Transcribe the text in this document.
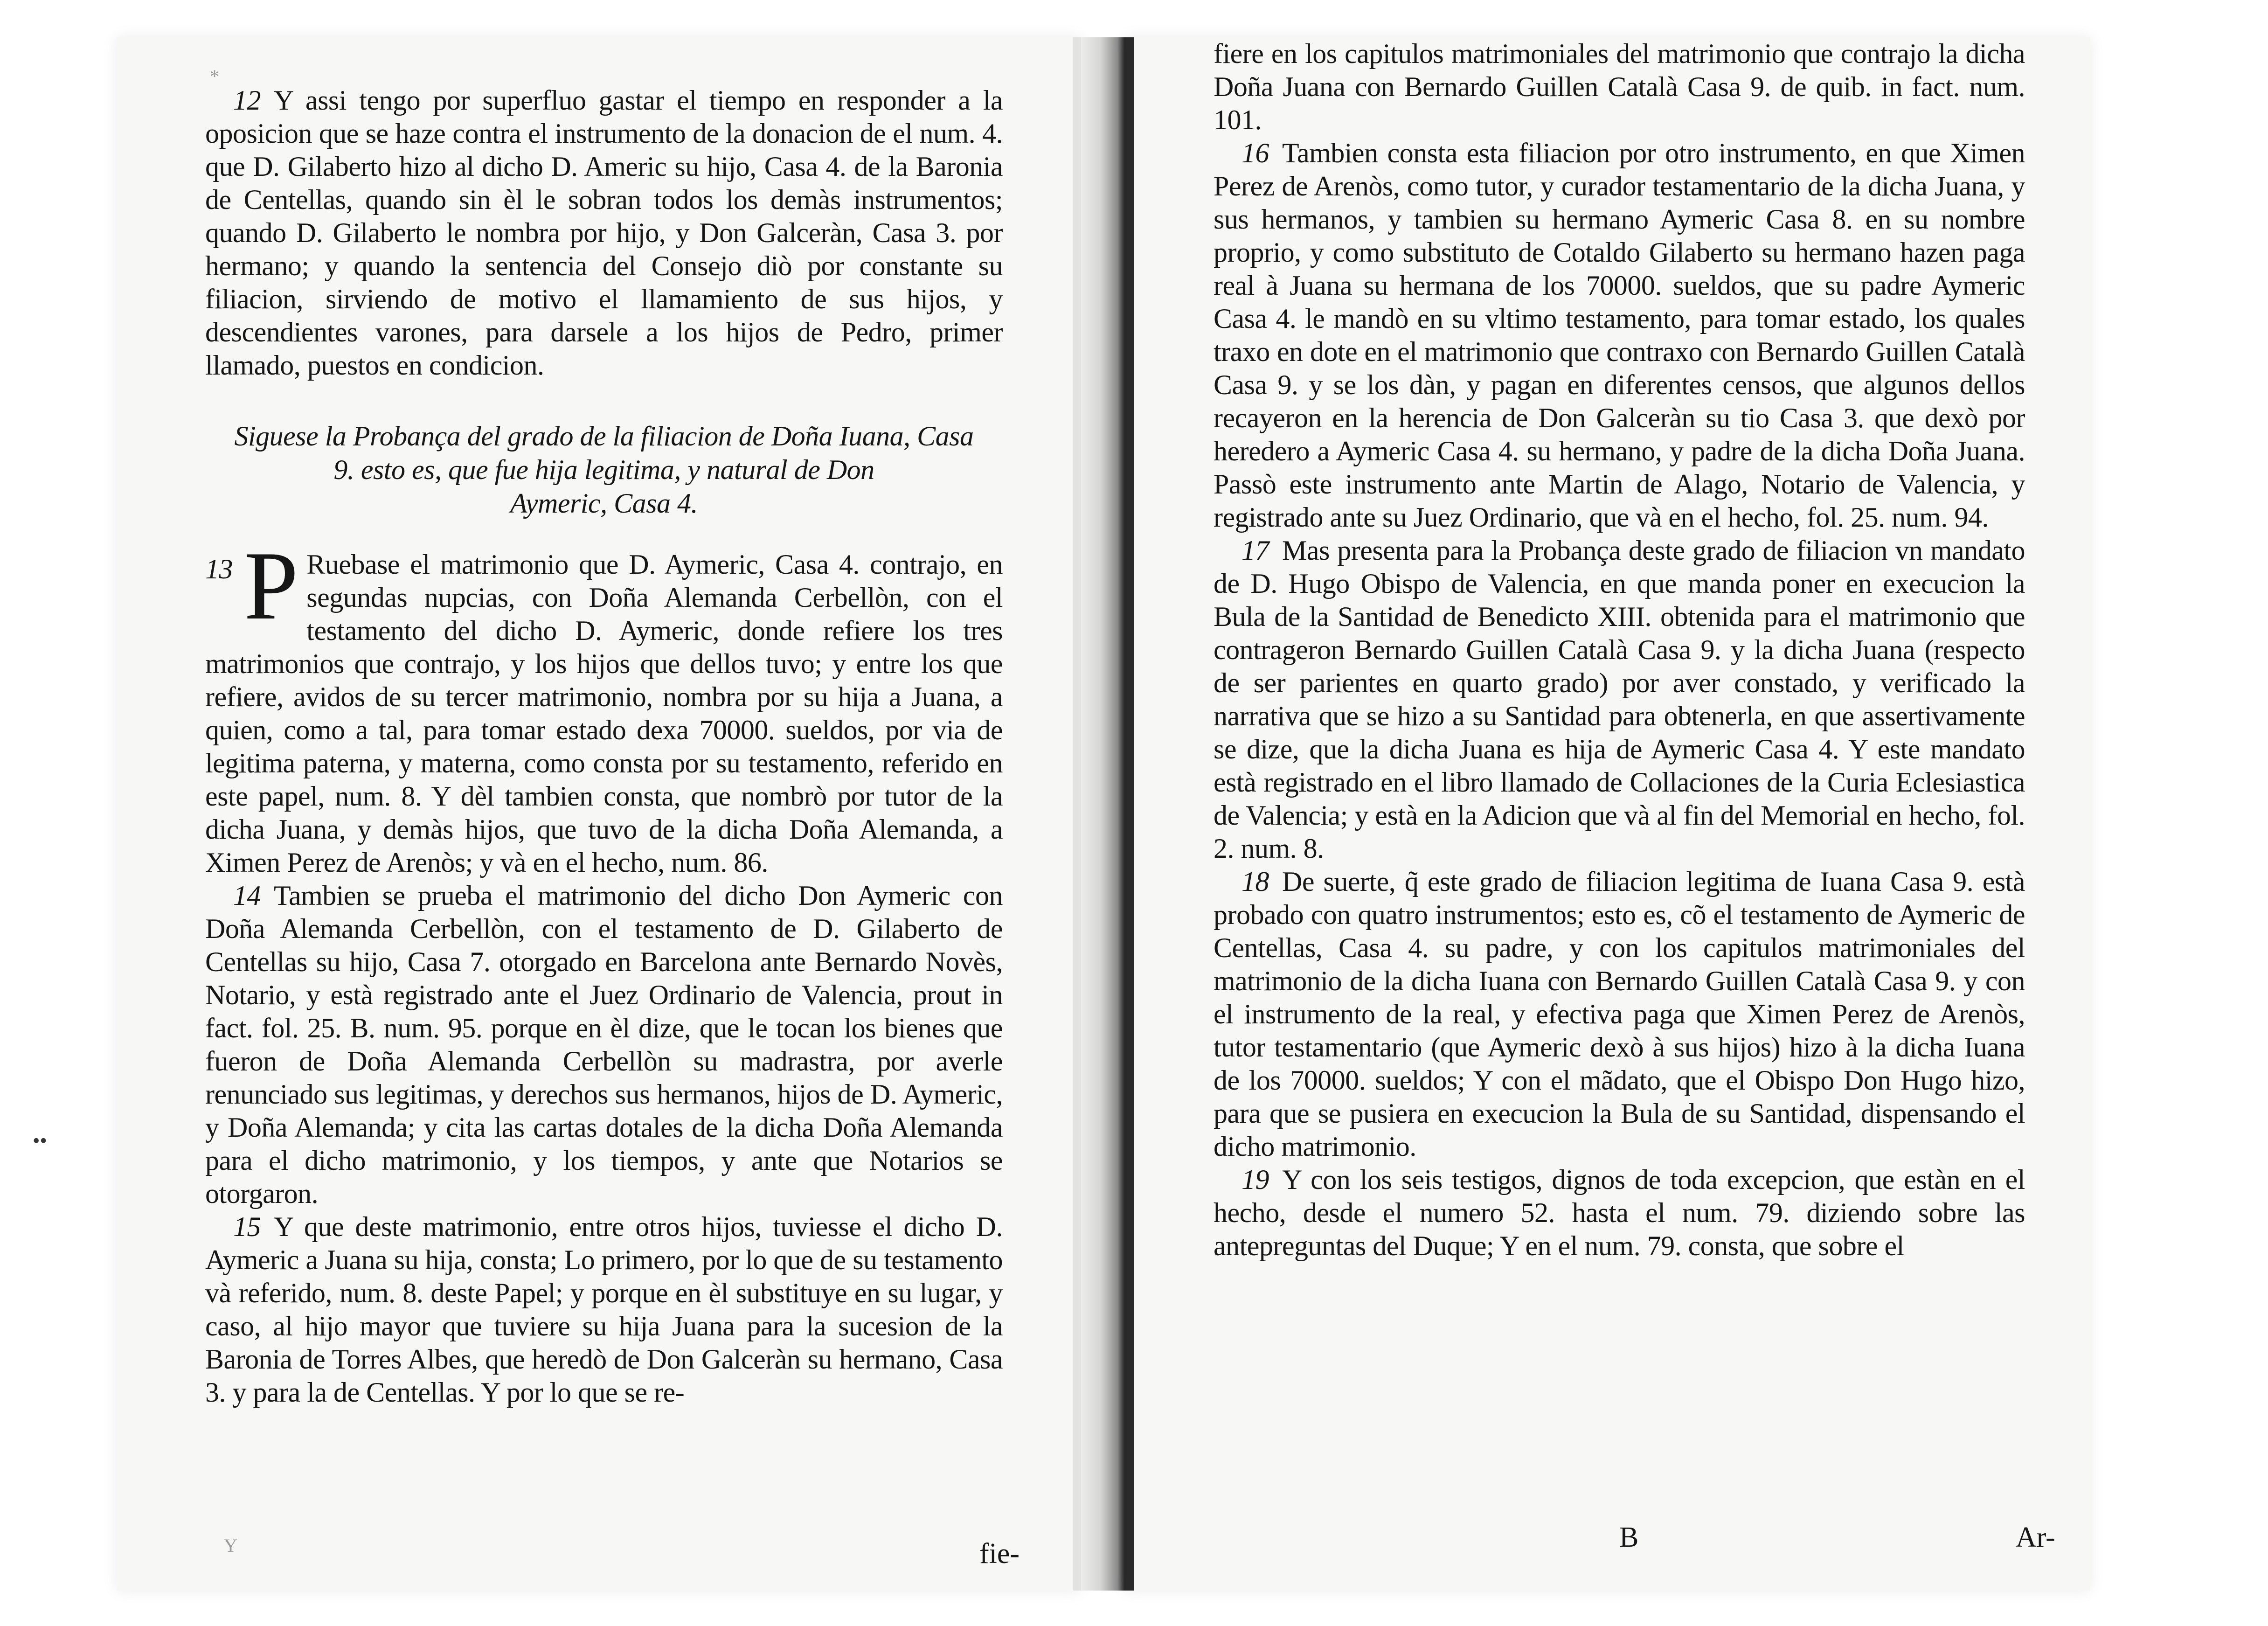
*

12 Y assi tengo por superfluo gastar el tiempo en responder a la oposicion que se haze contra el instrumento de la donacion de el num. 4. que D. Gilaberto hizo al dicho D. Americ su hijo, Casa 4. de la Baronia de Centellas, quando sin èl le sobran todos los demàs instrumentos; quando D. Gilaberto le nombra por hijo, y Don Galceràn, Casa 3. por hermano; y quando la sentencia del Consejo diò por constante su filiacion, sirviendo de motivo el llamamiento de sus hijos, y descendientes varones, para darsele a los hijos de Pedro, primer llamado, puestos en condicion.

Siguese la Probança del grado de la filiacion de Doña Iuana, Casa
9. esto es, que fue hija legitima, y natural de Don
Aymeric, Casa 4.

13 P Ruebase el matrimonio que D. Aymeric, Casa 4. contrajo, en segundas nupcias, con Doña Alemanda Cerbellòn, con el testamento del dicho D. Aymeric, donde refiere los tres matrimonios que contrajo, y los hijos que dellos tuvo; y entre los que refiere, avidos de su tercer matrimonio, nombra por su hija a Juana, a quien, como a tal, para tomar estado dexa 70000. sueldos, por via de legitima paterna, y materna, como consta por su testamento, referido en este papel, num. 8. Y dèl tambien consta, que nombrò por tutor de la dicha Juana, y demàs hijos, que tuvo de la dicha Doña Alemanda, a Ximen Perez de Arenòs; y và en el hecho, num. 86.

14 Tambien se prueba el matrimonio del dicho Don Aymeric con Doña Alemanda Cerbellòn, con el testamento de D. Gilaberto de Centellas su hijo, Casa 7. otorgado en Barcelona ante Bernardo Novès, Notario, y està registrado ante el Juez Ordinario de Valencia, prout in fact. fol. 25. B. num. 95. porque en èl dize, que le tocan los bienes que fueron de Doña Alemanda Cerbellòn su madrastra, por averle renunciado sus legitimas, y derechos sus hermanos, hijos de D. Aymeric, y Doña Alemanda; y cita las cartas dotales de la dicha Doña Alemanda para el dicho matrimonio, y los tiempos, y ante que Notarios se otorgaron.

15 Y que deste matrimonio, entre otros hijos, tuviesse el dicho D. Aymeric a Juana su hija, consta; Lo primero, por lo que de su testamento và referido, num. 8. deste Papel; y porque en èl substituye en su lugar, y caso, al hijo mayor que tuviere su hija Juana para la sucesion de la Baronia de Torres Albes, que heredò de Don Galceràn su hermano, Casa 3. y para la de Centellas. Y por lo que se re-

fie-
Y
••

fiere en los capitulos matrimoniales del matrimonio que contrajo la dicha Doña Juana con Bernardo Guillen Català Casa 9. de quib. in fact. num. 101.

16 Tambien consta esta filiacion por otro instrumento, en que Ximen Perez de Arenòs, como tutor, y curador testamentario de la dicha Juana, y sus hermanos, y tambien su hermano Aymeric Casa 8. en su nombre proprio, y como substituto de Cotaldo Gilaberto su hermano hazen paga real à Juana su hermana de los 70000. sueldos, que su padre Aymeric Casa 4. le mandò en su vltimo testamento, para tomar estado, los quales traxo en dote en el matrimonio que contraxo con Bernardo Guillen Català Casa 9. y se los dàn, y pagan en diferentes censos, que algunos dellos recayeron en la herencia de Don Galceràn su tio Casa 3. que dexò por heredero a Aymeric Casa 4. su hermano, y padre de la dicha Doña Juana. Passò este instrumento ante Martin de Alago, Notario de Valencia, y registrado ante su Juez Ordinario, que và en el hecho, fol. 25. num. 94.

17 Mas presenta para la Probança deste grado de filiacion vn mandato de D. Hugo Obispo de Valencia, en que manda poner en execucion la Bula de la Santidad de Benedicto XIII. obtenida para el matrimonio que contrageron Bernardo Guillen Català Casa 9. y la dicha Juana (respecto de ser parientes en quarto grado) por aver constado, y verificado la narrativa que se hizo a su Santidad para obtenerla, en que assertivamente se dize, que la dicha Juana es hija de Aymeric Casa 4. Y este mandato està registrado en el libro llamado de Collaciones de la Curia Eclesiastica de Valencia; y està en la Adicion que và al fin del Memorial en hecho, fol. 2. num. 8.

18 De suerte, q̃ este grado de filiacion legitima de Iuana Casa 9. està probado con quatro instrumentos; esto es, cõ el testamento de Aymeric de Centellas, Casa 4. su padre, y con los capitulos matrimoniales del matrimonio de la dicha Iuana con Bernardo Guillen Català Casa 9. y con el instrumento de la real, y efectiva paga que Ximen Perez de Arenòs, tutor testamentario (que Aymeric dexò à sus hijos) hizo à la dicha Iuana de los 70000. sueldos; Y con el mãdato, que el Obispo Don Hugo hizo, para que se pusiera en execucion la Bula de su Santidad, dispensando el dicho matrimonio.

19 Y con los seis testigos, dignos de toda excepcion, que estàn en el hecho, desde el numero 52. hasta el num. 79. diziendo sobre las antepreguntas del Duque; Y en el num. 79. consta, que sobre el

B	Ar-
